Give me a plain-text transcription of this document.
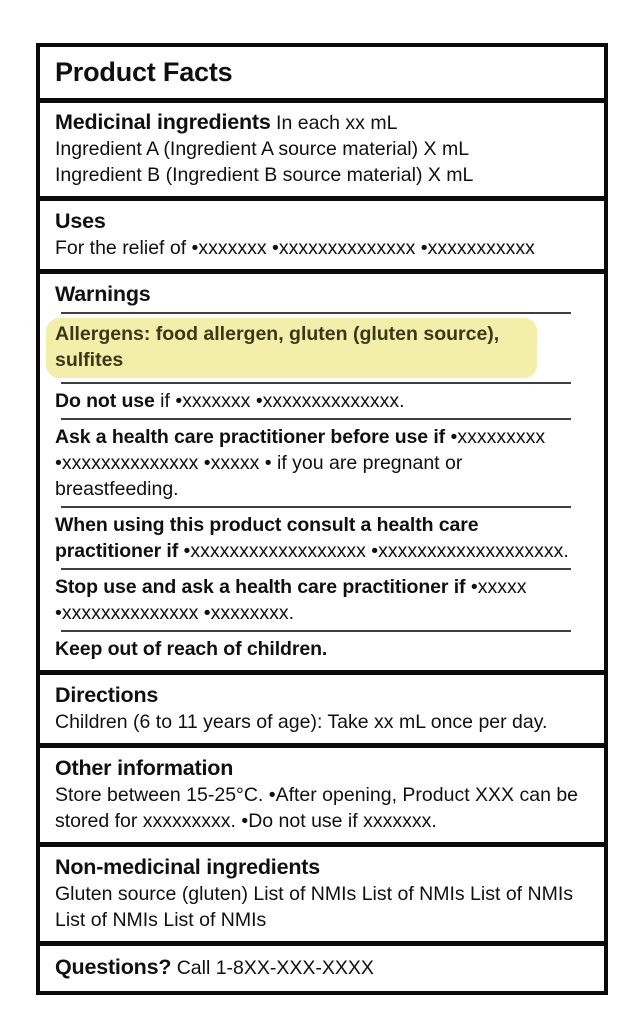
Product Facts

Medicinal ingredients In each xx mL

Ingredient A (Ingredient A source material) X mL

Ingredient B (Ingredient B source material) X mL

Uses

For the relief of •xxxxxxx •xxxxxxxxxxxxxx •xxxxxxxxxxx

Warnings

Allergens: food allergen, gluten (gluten source), sulfites

Do not use if •xxxxxxx •xxxxxxxxxxxxxx.

Ask a health care practitioner before use if •xxxxxxxxx •xxxxxxxxxxxxxx •xxxxx • if you are pregnant or breastfeeding.

When using this product consult a health care practitioner if •xxxxxxxxxxxxxxxxxx •xxxxxxxxxxxxxxxxxxx.

Stop use and ask a health care practitioner if •xxxxx •xxxxxxxxxxxxxx •xxxxxxxx.

Keep out of reach of children.

Directions

Children (6 to 11 years of age): Take xx mL once per day.

Other information

Store between 15-25°C. •After opening, Product XXX can be stored for xxxxxxxxx. •Do not use if xxxxxxx.

Non-medicinal ingredients

Gluten source (gluten) List of NMIs List of NMIs List of NMIs List of NMIs List of NMIs

Questions? Call 1-8XX-XXX-XXXX
